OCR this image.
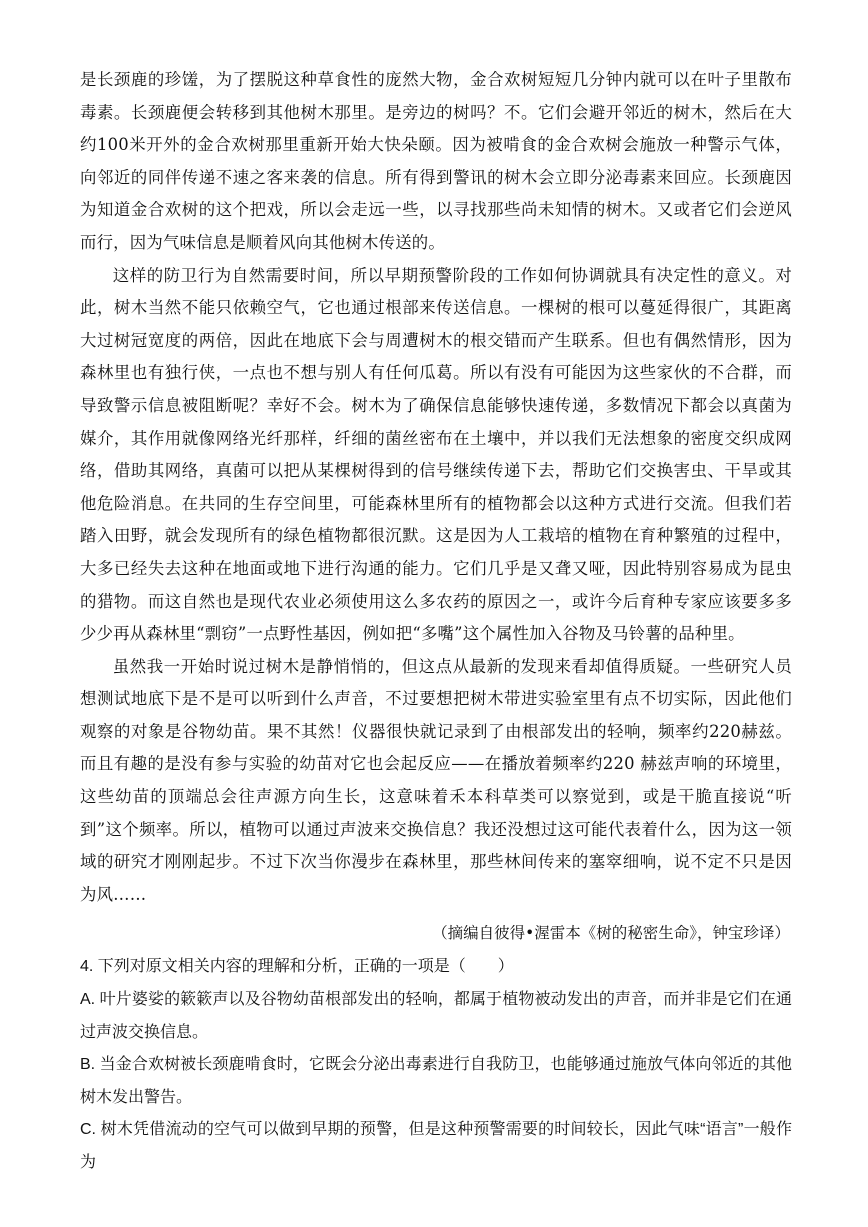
是长颈鹿的珍馐，为了摆脱这种草食性的庞然大物，金合欢树短短几分钟内就可以在叶子里散布毒素。长颈鹿便会转移到其他树木那里。是旁边的树吗？不。它们会避开邻近的树木，然后在大约100米开外的金合欢树那里重新开始大快朵颐。因为被啃食的金合欢树会施放一种警示气体，向邻近的同伴传递不速之客来袭的信息。所有得到警讯的树木会立即分泌毒素来回应。长颈鹿因为知道金合欢树的这个把戏，所以会走远一些，以寻找那些尚未知情的树木。又或者它们会逆风而行，因为气味信息是顺着风向其他树木传送的。

这样的防卫行为自然需要时间，所以早期预警阶段的工作如何协调就具有决定性的意义。对此，树木当然不能只依赖空气，它也通过根部来传送信息。一棵树的根可以蔓延得很广，其距离大过树冠宽度的两倍，因此在地底下会与周遭树木的根交错而产生联系。但也有偶然情形，因为森林里也有独行侠，一点也不想与别人有任何瓜葛。所以有没有可能因为这些家伙的不合群，而导致警示信息被阻断呢？幸好不会。树木为了确保信息能够快速传递，多数情况下都会以真菌为媒介，其作用就像网络光纤那样，纤细的菌丝密布在土壤中，并以我们无法想象的密度交织成网络，借助其网络，真菌可以把从某棵树得到的信号继续传递下去，帮助它们交换害虫、干旱或其他危险消息。在共同的生存空间里，可能森林里所有的植物都会以这种方式进行交流。但我们若踏入田野，就会发现所有的绿色植物都很沉默。这是因为人工栽培的植物在育种繁殖的过程中，大多已经失去这种在地面或地下进行沟通的能力。它们几乎是又聋又哑，因此特别容易成为昆虫的猎物。而这自然也是现代农业必须使用这么多农药的原因之一，或许今后育种专家应该要多多少少再从森林里“剽窃”一点野性基因，例如把“多嘴”这个属性加入谷物及马铃薯的品种里。

虽然我一开始时说过树木是静悄悄的，但这点从最新的发现来看却值得质疑。一些研究人员想测试地底下是不是可以听到什么声音，不过要想把树木带进实验室里有点不切实际，因此他们观察的对象是谷物幼苗。果不其然！仪器很快就记录到了由根部发出的轻响，频率约220赫兹。而且有趣的是没有参与实验的幼苗对它也会起反应——在播放着频率约220 赫兹声响的环境里，这些幼苗的顶端总会往声源方向生长，这意味着禾本科草类可以察觉到，或是干脆直接说“听到”这个频率。所以，植物可以通过声波来交换信息？我还没想过这可能代表着什么，因为这一领域的研究才刚刚起步。不过下次当你漫步在森林里，那些林间传来的塞窣细响，说不定不只是因为风……

（摘编自彼得•渥雷本《树的秘密生命》，钟宝珍译）

4. 下列对原文相关内容的理解和分析，正确的一项是（　　）

A. 叶片婆娑的簌簌声以及谷物幼苗根部发出的轻响，都属于植物被动发出的声音，而并非是它们在通过声波交换信息。

B. 当金合欢树被长颈鹿啃食时，它既会分泌出毒素进行自我防卫，也能够通过施放气体向邻近的其他树木发出警告。

C. 树木凭借流动的空气可以做到早期的预警，但是这种预警需要的时间较长，因此气味“语言”一般作为
